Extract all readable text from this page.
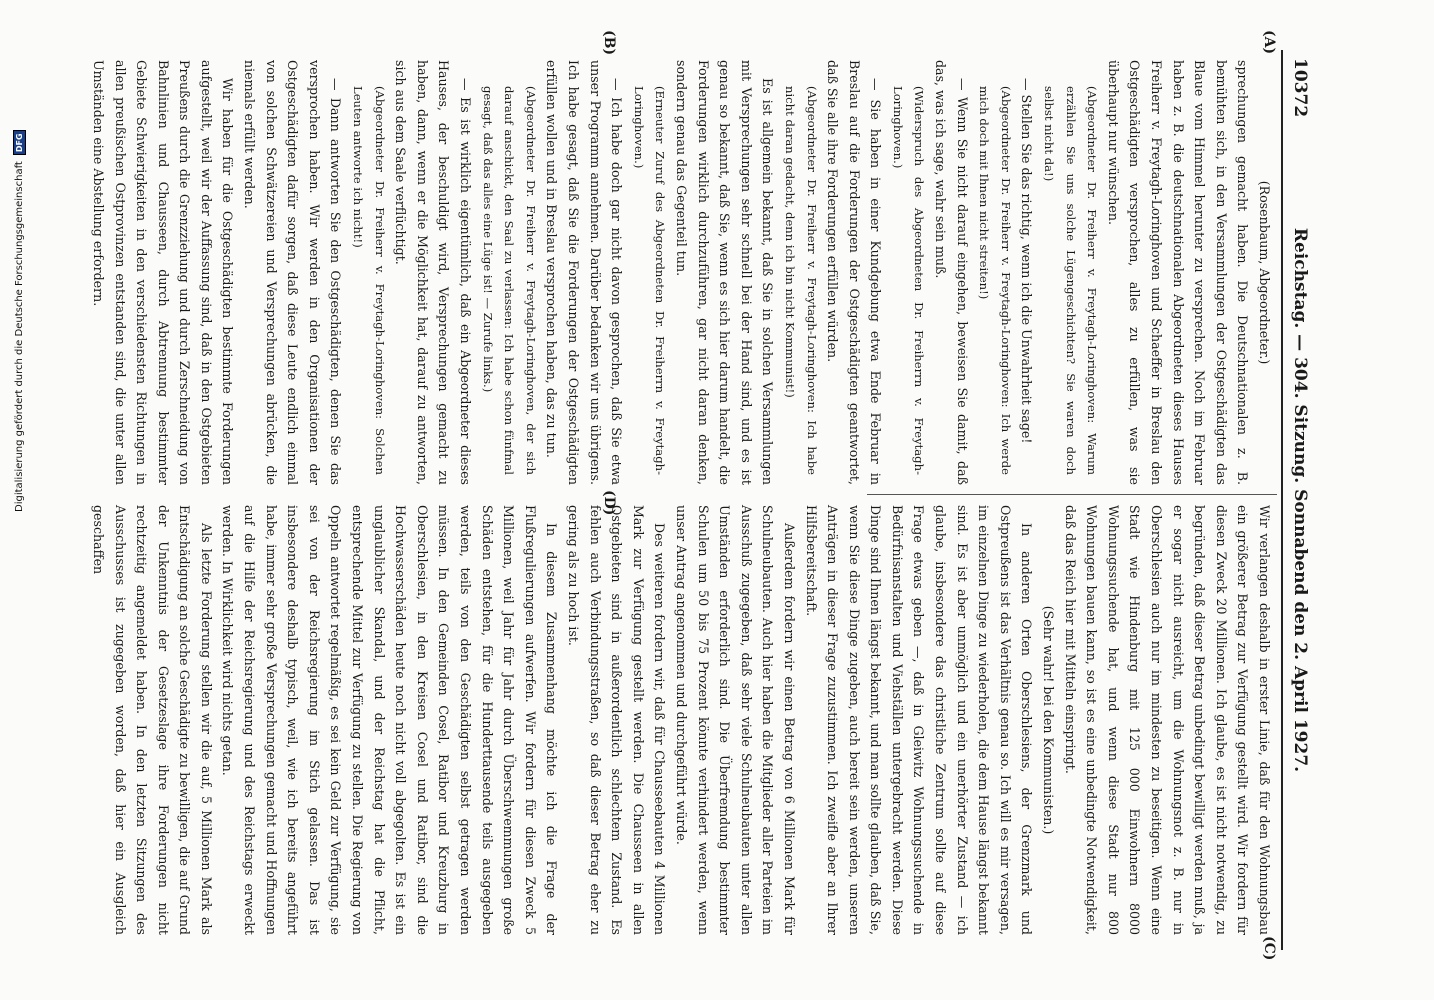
10372
Reichstag. — 304. Sitzung. Sonnabend den 2. April 1927.

(Rosenbaum, Abgeordneter.)

sprechungen gemacht haben. Die Deutschnationalen z. B. bemühten sich, in den Versammlungen der Ostgeschädigten das Blaue vom Himmel herunter zu versprechen. Noch im Februar haben z. B. die deutschnationalen Abgeordneten dieses Hauses Freiherr v. Freytagh-Loringhoven und Schaeffer in Breslau den Ostgeschädigten versprochen, alles zu erfüllen, was sie überhaupt nur wünschen.

(Abgeordneter Dr. Freiherr v. Freytagh-Loringhoven: Warum erzählen Sie uns solche Lügengeschichten? Sie waren doch selbst nicht da!)

— Stellen Sie das richtig, wenn ich die Unwahrheit sage!

(Abgeordneter Dr. Freiherr v. Freytagh-Loringhoven: Ich werde mich doch mit Ihnen nicht streiten!)

— Wenn Sie nicht darauf eingehen, beweisen Sie damit, daß das, was ich sage, wahr sein muß.

(Widerspruch des Abgeordneten Dr. Freiherrn v. Freytagh-Loringhoven.)

— Sie haben in einer Kundgebung etwa Ende Februar in Breslau auf die Forderungen der Ostgeschädigten geantwortet, daß Sie alle ihre Forderungen erfüllen würden.

(Abgeordneter Dr. Freiherr v. Freytagh-Loringhoven: Ich habe nicht daran gedacht, denn ich bin nicht Kommunist!)

Es ist allgemein bekannt, daß Sie in solchen Versammlungen mit Versprechungen sehr schnell bei der Hand sind, und es ist genau so bekannt, daß Sie, wenn es sich hier darum handelt, die Forderungen wirklich durchzuführen, gar nicht daran denken, sondern genau das Gegenteil tun.

(Erneuter Zuruf des Abgeordneten Dr. Freiherrn v. Freytagh-Loringhoven.)

— Ich habe doch gar nicht davon gesprochen, daß Sie etwa unser Programm annehmen. Darüber bedanken wir uns übrigens. Ich habe gesagt, daß Sie die Forderungen der Ostgeschädigten erfüllen wollen und in Breslau versprochen haben, das zu tun.

(Abgeordneter Dr. Freiherr v. Freytagh-Loringhoven, der sich darauf anschickt, den Saal zu verlassen: Ich habe schon fünfmal gesagt, daß das alles eine Lüge ist! — Zurufe links.)

— Es ist wirklich eigentümlich, daß ein Abgeordneter dieses Hauses, der beschuldigt wird, Versprechungen gemacht zu haben, dann, wenn er die Möglichkeit hat, darauf zu antworten, sich aus dem Saale verflüchtigt.

(Abgeordneter Dr. Freiherr v. Freytagh-Loringhoven: Solchen Leuten antworte ich nicht!)

— Dann antworten Sie den Ostgeschädigten, denen Sie das versprochen haben. Wir werden in den Organisationen der Ostgeschädigten dafür sorgen, daß diese Leute endlich einmal von solchen Schwätzereien und Versprechungen abrücken, die niemals erfüllt werden.

Wir haben für die Ostgeschädigten bestimmte Forderungen aufgestellt, weil wir der Auffassung sind, daß in den Ostgebieten Preußens durch die Grenzziehung und durch Zerschneidung von Bahnlinien und Chausseen, durch Abtrennung bestimmter Gebiete Schwierigkeiten in den verschiedensten Richtungen in allen preußischen Ostprovinzen entstanden sind, die unter allen Umständen eine Abstellung erfordern.

Wir verlangen deshalb in erster Linie, daß für den Wohnungsbau ein größerer Betrag zur Verfügung gestellt wird. Wir fordern für diesen Zweck 20 Millionen. Ich glaube, es ist nicht notwendig, zu begründen, daß dieser Betrag unbedingt bewilligt werden muß, ja er sogar nicht ausreicht, um die Wohnungsnot z. B. nur in Oberschlesien auch nur im mindesten zu beseitigen. Wenn eine Stadt wie Hindenburg mit 125 000 Einwohnern 8000 Wohnungssuchende hat, und wenn diese Stadt nur 800 Wohnungen bauen kann, so ist es eine unbedingte Notwendigkeit, daß das Reich hier mit Mitteln einspringt.

(Sehr wahr! bei den Kommunisten.)

In anderen Orten Oberschlesiens, der Grenzmark und Ostpreußens ist das Verhältnis genau so. Ich will es mir versagen, im einzelnen Dinge zu wiederholen, die dem Hause längst bekannt sind. Es ist aber unmöglich und ein unerhörter Zustand — ich glaube, insbesondere das christliche Zentrum sollte auf diese Frage etwas geben —, daß in Gleiwitz Wohnungssuchende in Bedürfnisanstalten und Viehställen untergebracht werden. Diese Dinge sind Ihnen längst bekannt, und man sollte glauben, daß Sie, wenn Sie diese Dinge zugeben, auch bereit sein werden, unseren Anträgen in dieser Frage zuzustimmen. Ich zweifle aber an Ihrer Hilfsbereitschaft.

Außerdem fordern wir einen Betrag von 6 Millionen Mark für Schulneubauten. Auch hier haben die Mitglieder aller Parteien im Ausschuß zugegeben, daß sehr viele Schulneubauten unter allen Umständen erforderlich sind. Die Überfremdung bestimmter Schulen um 50 bis 75 Prozent könnte verhindert werden, wenn unser Antrag angenommen und durchgeführt würde.

Des weiteren fordern wir, daß für Chausseebauten 4 Millionen Mark zur Verfügung gestellt werden. Die Chausseen in allen Ostgebieten sind in außerordentlich schlechtem Zustand. Es fehlen auch Verbindungsstraßen, so daß dieser Betrag eher zu gering als zu hoch ist.

In diesem Zusammenhang möchte ich die Frage der Flußregulierungen aufwerfen. Wir fordern für diesen Zweck 5 Millionen, weil Jahr für Jahr durch Überschwemmungen große Schäden entstehen, für die Hunderttausende teils ausgegeben werden, teils von den Geschädigten selbst getragen werden müssen. In den Gemeinden Cosel, Ratibor und Kreuzburg in Oberschlesien, in den Kreisen Cosel und Ratibor, sind die Hochwasserschäden heute noch nicht voll abgegolten. Es ist ein unglaublicher Skandal, und der Reichstag hat die Pflicht, entsprechende Mittel zur Verfügung zu stellen. Die Regierung von Oppeln antwortet regelmäßig, es sei kein Geld zur Verfügung, sie sei von der Reichsregierung im Stich gelassen. Das ist insbesondere deshalb typisch, weil, wie ich bereits angeführt habe, immer sehr große Versprechungen gemacht und Hoffnungen auf die Hilfe der Reichsregierung und des Reichstags erweckt werden. In Wirklichkeit wird nichts getan.

Als letzte Forderung stellen wir die auf, 5 Millionen Mark als Entschädigung an solche Geschädigte zu bewilligen, die auf Grund der Unkenntnis der Gesetzeslage ihre Forderungen nicht rechtzeitig angemeldet haben. In den letzten Sitzungen des Ausschusses ist zugegeben worden, daß hier ein Ausgleich geschaffen

(A)
(B)
(C)
(D)
Digitalisierung gefördert durch die Deutsche Forschungsgemeinschaft
DFG
